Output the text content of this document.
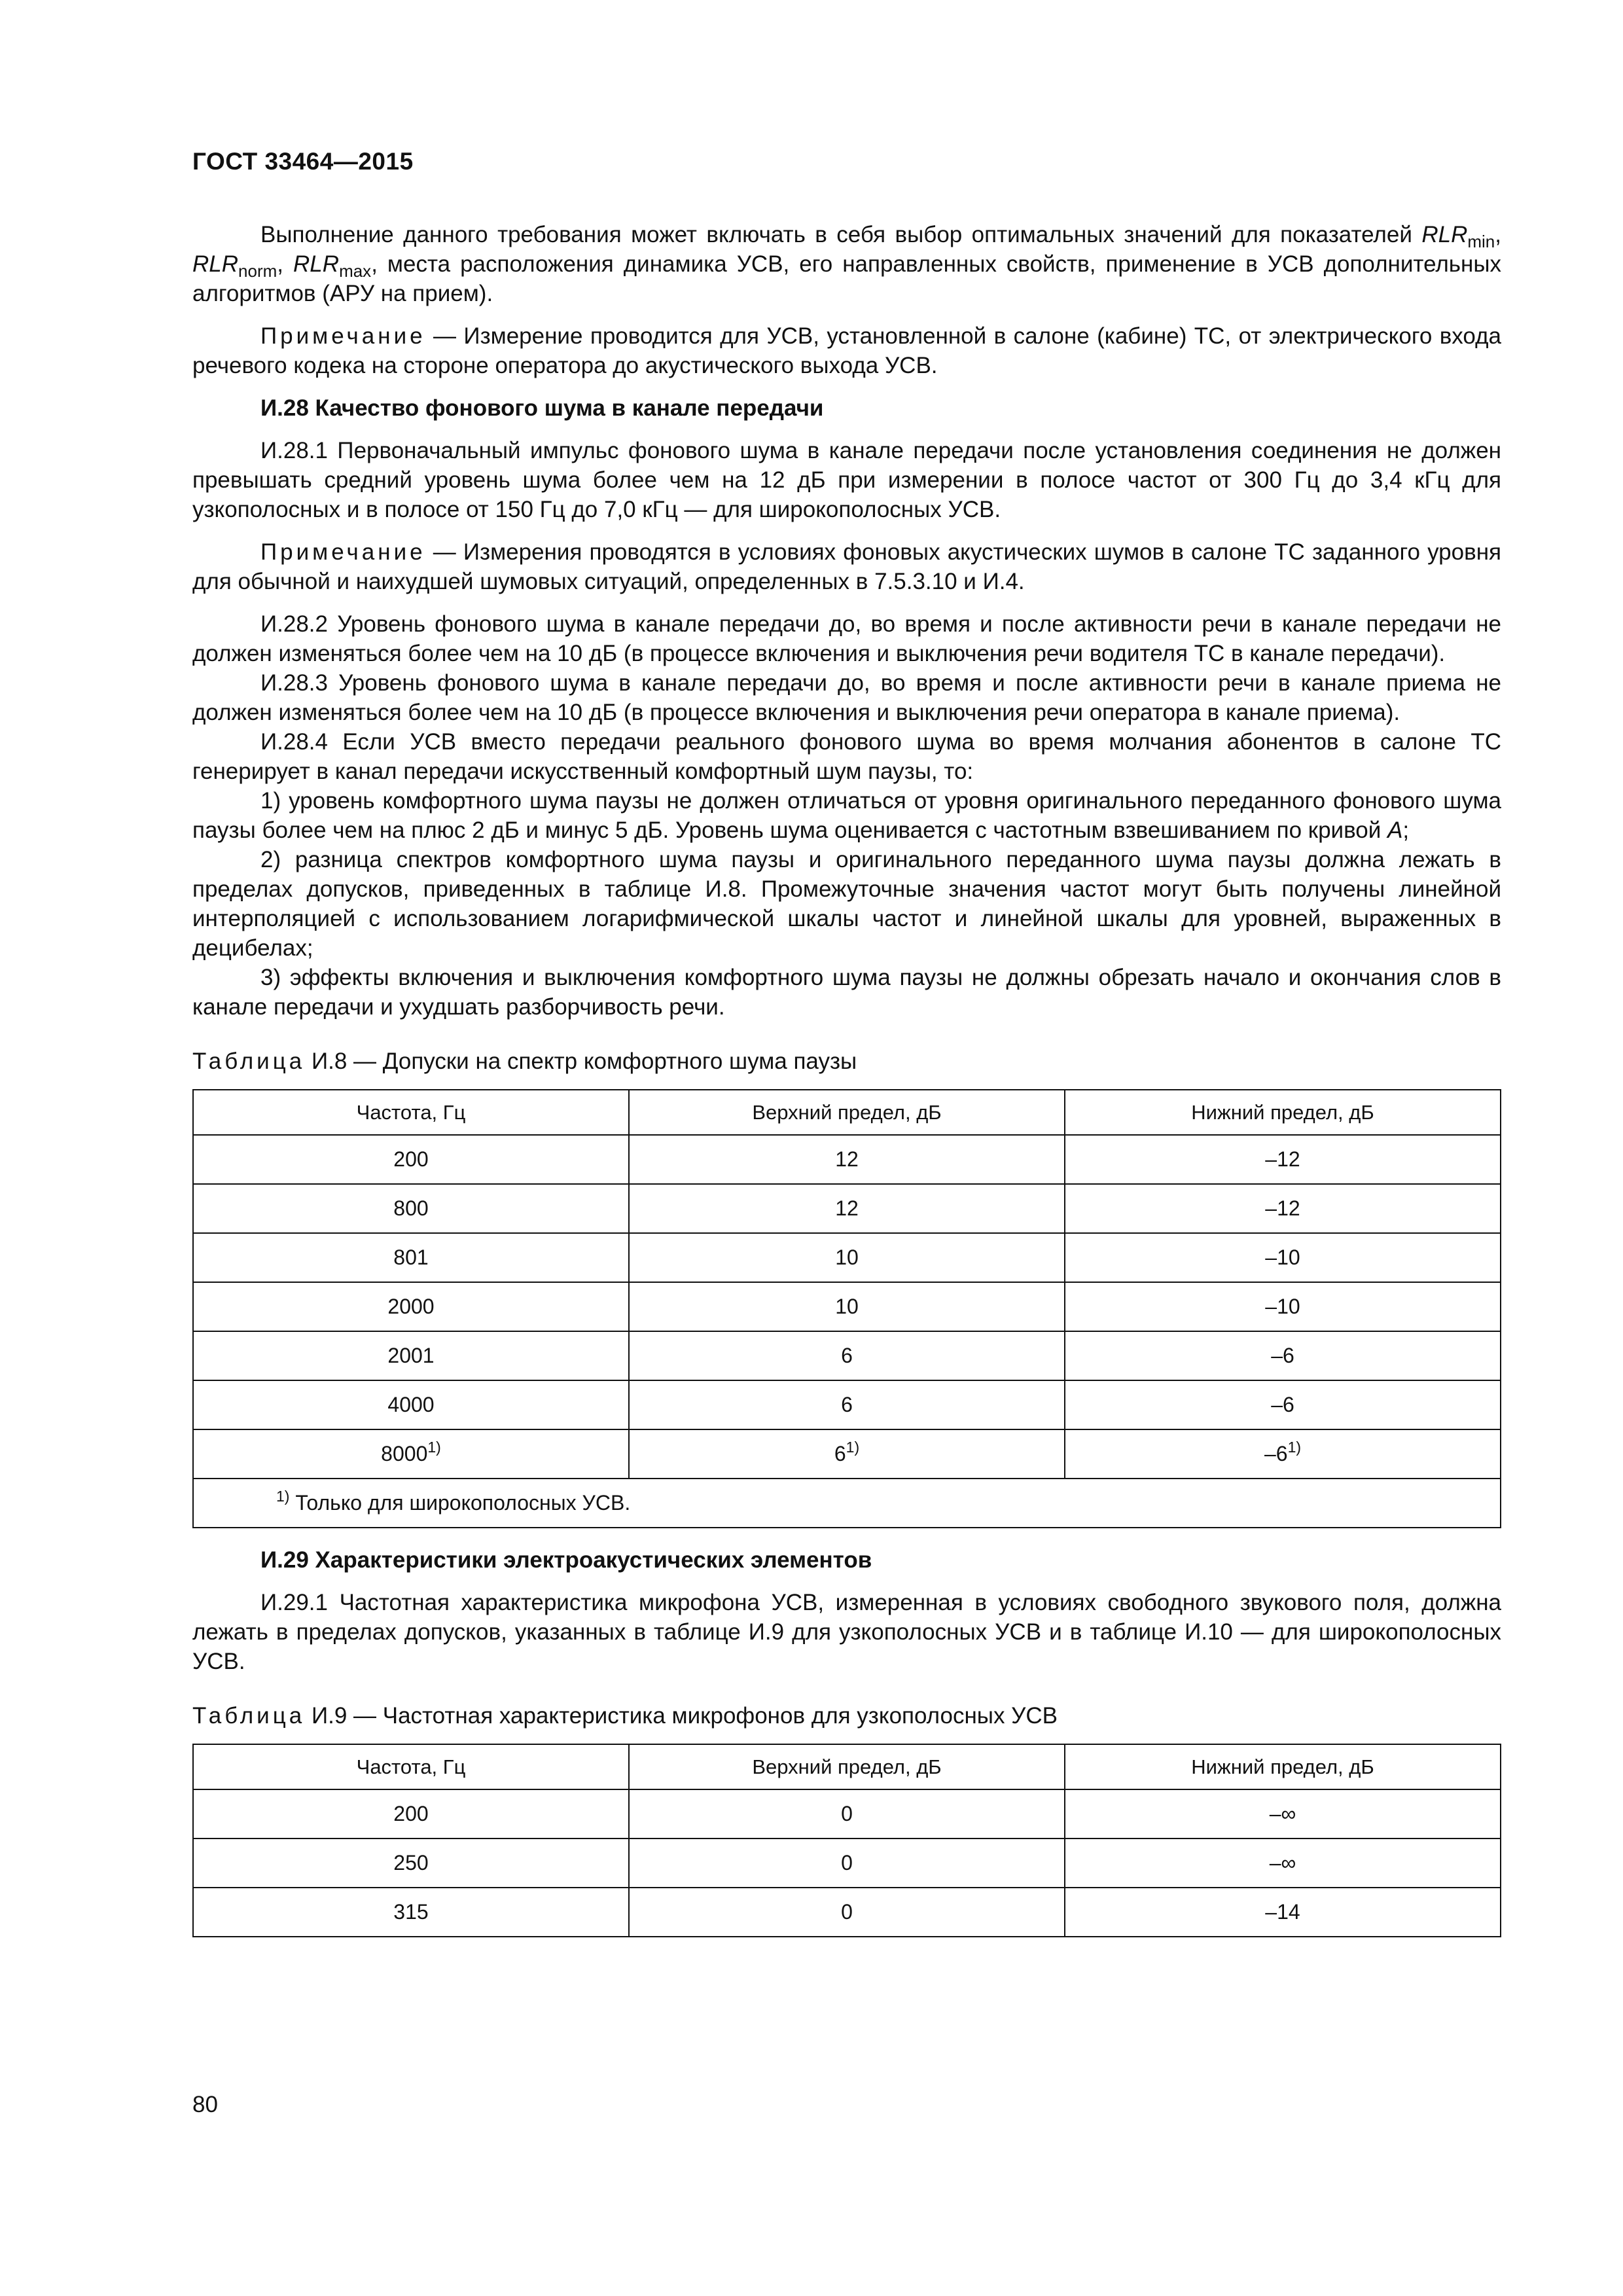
ГОСТ 33464—2015

Выполнение данного требования может включать в себя выбор оптимальных значений для показателей $RLR_{min}$, $RLR_{norm}$, $RLR_{max}$, места расположения динамика УСВ, его направленных свойств, применение в УСВ дополнительных алгоритмов (АРУ на прием).

Примечание — Измерение проводится для УСВ, установленной в салоне (кабине) ТС, от электрического входа речевого кодека на стороне оператора до акустического выхода УСВ.

И.28 Качество фонового шума в канале передачи

И.28.1 Первоначальный импульс фонового шума в канале передачи после установления соединения не должен превышать средний уровень шума более чем на 12 дБ при измерении в полосе частот от 300 Гц до 3,4 кГц для узкополосных и в полосе от 150 Гц до 7,0 кГц — для широкополосных УСВ.

Примечание — Измерения проводятся в условиях фоновых акустических шумов в салоне ТС заданного уровня для обычной и наихудшей шумовых ситуаций, определенных в 7.5.3.10 и И.4.

И.28.2 Уровень фонового шума в канале передачи до, во время и после активности речи в канале передачи не должен изменяться более чем на 10 дБ (в процессе включения и выключения речи водителя ТС в канале передачи).

И.28.3 Уровень фонового шума в канале передачи до, во время и после активности речи в канале приема не должен изменяться более чем на 10 дБ (в процессе включения и выключения речи оператора в канале приема).

И.28.4 Если УСВ вместо передачи реального фонового шума во время молчания абонентов в салоне ТС генерирует в канал передачи искусственный комфортный шум паузы, то:

1) уровень комфортного шума паузы не должен отличаться от уровня оригинального переданного фонового шума паузы более чем на плюс 2 дБ и минус 5 дБ. Уровень шума оценивается с частотным взвешиванием по кривой А;

2) разница спектров комфортного шума паузы и оригинального переданного шума паузы должна лежать в пределах допусков, приведенных в таблице И.8. Промежуточные значения частот могут быть получены линейной интерполяцией с использованием логарифмической шкалы частот и линейной шкалы для уровней, выраженных в децибелах;

3) эффекты включения и выключения комфортного шума паузы не должны обрезать начало и окончания слов в канале передачи и ухудшать разборчивость речи.

Таблица И.8 — Допуски на спектр комфортного шума паузы

Частота, Гц	Верхний предел, дБ	Нижний предел, дБ
200	12	–12
800	12	–12
801	10	–10
2000	10	–10
2001	6	–6
4000	6	–6
8000$^{1)}$	6$^{1)}$	–6$^{1)}$
$^{1)}$ Только для широкополосных УСВ.		

И.29 Характеристики электроакустических элементов

И.29.1 Частотная характеристика микрофона УСВ, измеренная в условиях свободного звукового поля, должна лежать в пределах допусков, указанных в таблице И.9 для узкополосных УСВ и в таблице И.10 — для широкополосных УСВ.

Таблица И.9 — Частотная характеристика микрофонов для узкополосных УСВ

Частота, Гц	Верхний предел, дБ	Нижний предел, дБ
200	0	–∞
250	0	–∞
315	0	–14
80
